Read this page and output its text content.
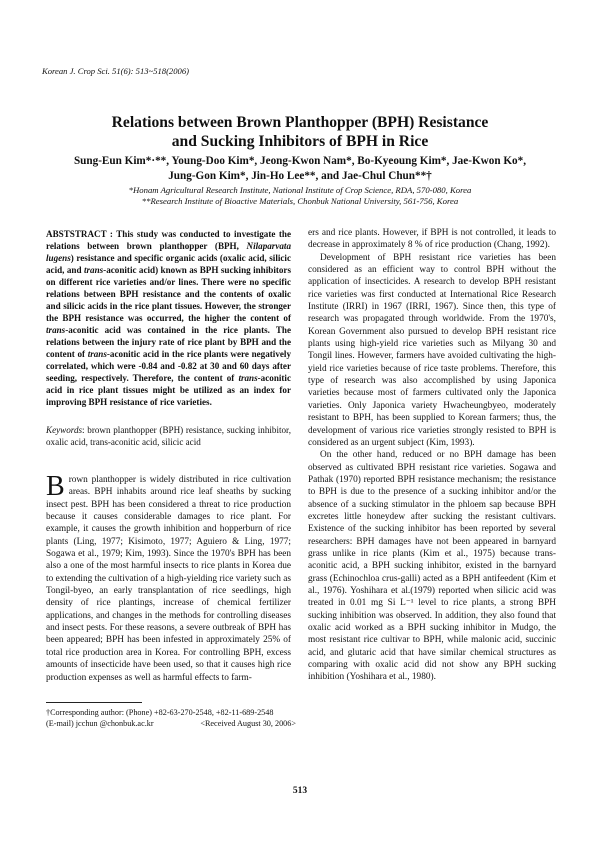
Korean J. Crop Sci. 51(6): 513~518(2006)
Relations between Brown Planthopper (BPH) Resistance
and Sucking Inhibitors of BPH in Rice
Sung-Eun Kim*·**, Young-Doo Kim*, Jeong-Kwon Nam*, Bo-Kyeoung Kim*, Jae-Kwon Ko*,
Jung-Gon Kim*, Jin-Ho Lee**, and Jae-Chul Chun**†
*Honam Agricultural Research Institute, National Institute of Crop Science, RDA, 570-080, Korea
**Research Institute of Bioactive Materials, Chonbuk National University, 561-756, Korea
ABSTSTRACT : This study was conducted to investigate the relations between brown planthopper (BPH, Nilaparvata lugens) resistance and specific organic acids (oxalic acid, silicic acid, and trans-aconitic acid) known as BPH sucking inhibitors on different rice varieties and/or lines. There were no specific relations between BPH resistance and the contents of oxalic and silicic acids in the rice plant tissues. However, the stronger the BPH resistance was occurred, the higher the content of trans-aconitic acid was contained in the rice plants. The relations between the injury rate of rice plant by BPH and the content of trans-aconitic acid in the rice plants were negatively correlated, which were -0.84 and -0.82 at 30 and 60 days after seeding, respectively. Therefore, the content of trans-aconitic acid in rice plant tissues might be utilized as an index for improving BPH resistance of rice varieties.
Keywords: brown planthopper (BPH) resistance, sucking inhibitor, oxalic acid, trans-aconitic acid, silicic acid

Brown planthopper is widely distributed in rice cultivation areas. BPH inhabits around rice leaf sheaths by sucking insect pest. BPH has been considered a threat to rice production because it causes considerable damages to rice plant. For example, it causes the growth inhibition and hopperburn of rice plants (Ling, 1977; Kisimoto, 1977; Aguiero & Ling, 1977; Sogawa et al., 1979; Kim, 1993). Since the 1970's BPH has been also a one of the most harmful insects to rice plants in Korea due to extending the cultivation of a high-yielding rice variety such as Tongil-byeo, an early transplantation of rice seedlings, high density of rice plantings, increase of chemical fertilizer applications, and changes in the methods for controlling diseases and insect pests. For these reasons, a severe outbreak of BPH has been appeared; BPH has been infested in approximately 25% of total rice production area in Korea. For controlling BPH, excess amounts of insecticide have been used, so that it causes high rice production expenses as well as harmful effects to farm-

ers and rice plants. However, if BPH is not controlled, it leads to decrease in approximately 8 % of rice production (Chang, 1992).

Development of BPH resistant rice varieties has been considered as an efficient way to control BPH without the application of insecticides. A research to develop BPH resistant rice varieties was first conducted at International Rice Research Institute (IRRI) in 1967 (IRRI, 1967). Since then, this type of research was propagated through worldwide. From the 1970's, Korean Government also pursued to develop BPH resistant rice plants using high-yield rice varieties such as Milyang 30 and Tongil lines. However, farmers have avoided cultivating the high-yield rice varieties because of rice taste problems. Therefore, this type of research was also accomplished by using Japonica varieties because most of farmers cultivated only the Japonica varieties. Only Japonica variety Hwacheungbyeo, moderately resistant to BPH, has been supplied to Korean farmers; thus, the development of various rice varieties strongly resisted to BPH is considered as an urgent subject (Kim, 1993).

On the other hand, reduced or no BPH damage has been observed as cultivated BPH resistant rice varieties. Sogawa and Pathak (1970) reported BPH resistance mechanism; the resistance to BPH is due to the presence of a sucking inhibitor and/or the absence of a sucking stimulator in the phloem sap because BPH excretes little honeydew after sucking the resistant cultivars. Existence of the sucking inhibitor has been reported by several researchers: BPH damages have not been appeared in barnyard grass unlike in rice plants (Kim et al., 1975) because trans-aconitic acid, a BPH sucking inhibitor, existed in the barnyard grass (Echinochloa crus-galli) acted as a BPH antifeedent (Kim et al., 1976). Yoshihara et al.(1979) reported when silicic acid was treated in 0.01 mg Si L⁻¹ level to rice plants, a strong BPH sucking inhibition was observed. In addition, they also found that oxalic acid worked as a BPH sucking inhibitor in Mudgo, the most resistant rice cultivar to BPH, while malonic acid, succinic acid, and glutaric acid that have similar chemical structures as comparing with oxalic acid did not show any BPH sucking inhibition (Yoshihara et al., 1980).

†Corresponding author: (Phone) +82-63-270-2548, +82-11-689-2548
(E-mail) jcchun @chonbuk.ac.kr	<Received August 30, 2006>
513
